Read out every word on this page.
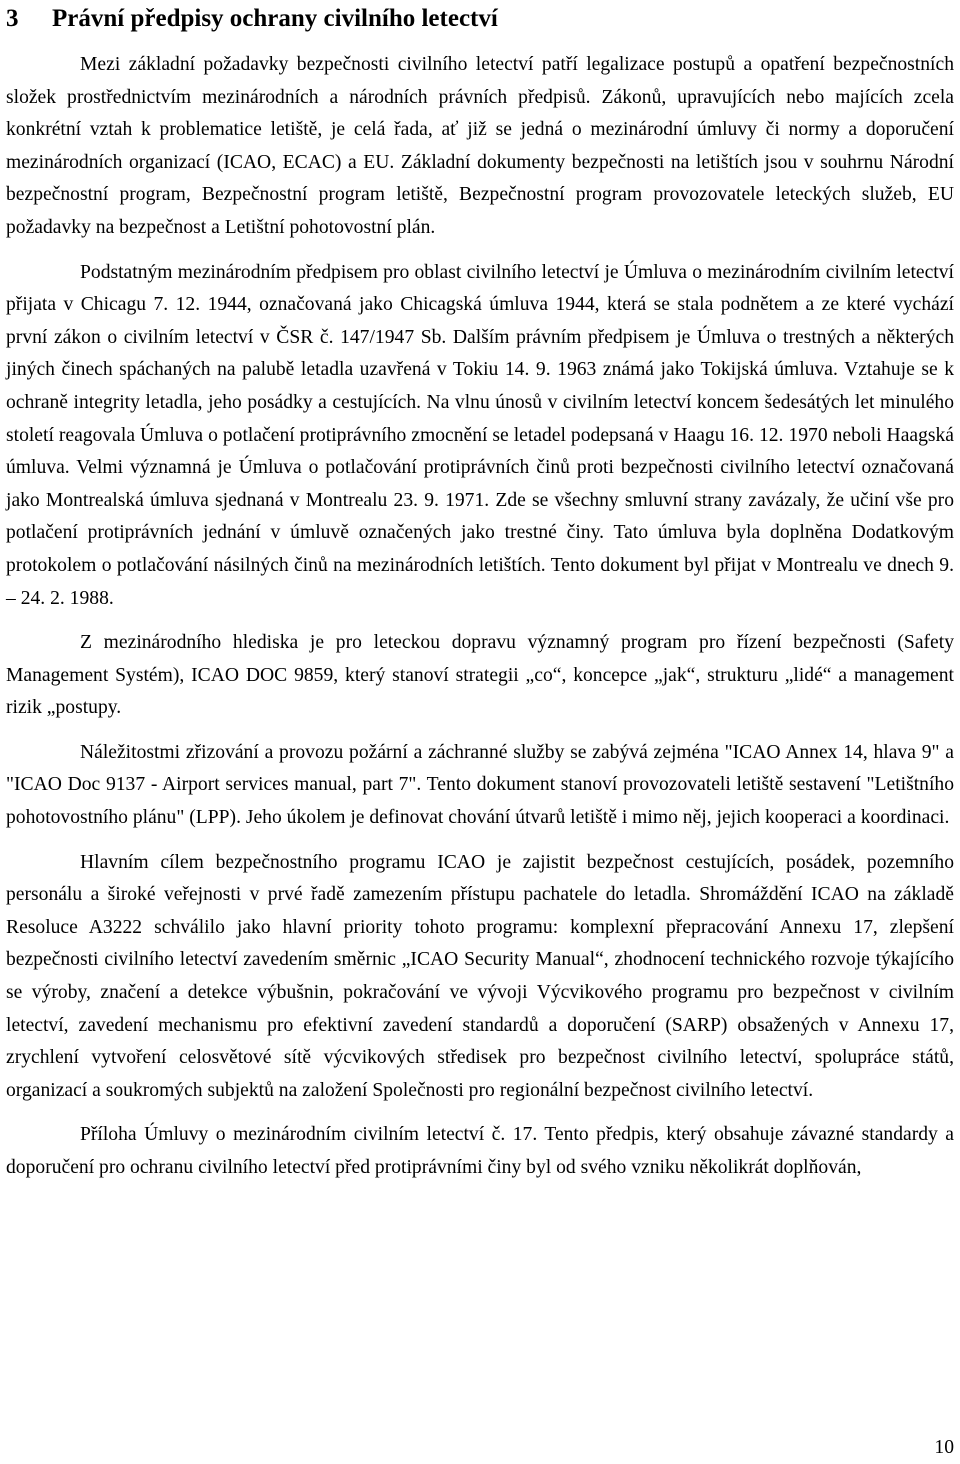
3 Právní předpisy ochrany civilního letectví

Mezi základní požadavky bezpečnosti civilního letectví patří legalizace postupů a opatření bezpečnostních složek prostřednictvím mezinárodních a národních právních předpisů. Zákonů, upravujících nebo majících zcela konkrétní vztah k problematice letiště, je celá řada, ať již se jedná o mezinárodní úmluvy či normy a doporučení mezinárodních organizací (ICAO, ECAC) a EU. Základní dokumenty bezpečnosti na letištích jsou v souhrnu Národní bezpečnostní program, Bezpečnostní program letiště, Bezpečnostní program provozovatele leteckých služeb, EU požadavky na bezpečnost a Letištní pohotovostní plán.

Podstatným mezinárodním předpisem pro oblast civilního letectví je Úmluva o mezinárodním civilním letectví přijata v Chicagu 7. 12. 1944, označovaná jako Chicagská úmluva 1944, která se stala podnětem a ze které vychází první zákon o civilním letectví v ČSR č. 147/1947 Sb. Dalším právním předpisem je Úmluva o trestných a některých jiných činech spáchaných na palubě letadla uzavřená v Tokiu 14. 9. 1963 známá jako Tokijská úmluva. Vztahuje se k ochraně integrity letadla, jeho posádky a cestujících. Na vlnu únosů v civilním letectví koncem šedesátých let minulého století reagovala Úmluva o potlačení protiprávního zmocnění se letadel podepsaná v Haagu 16. 12. 1970 neboli Haagská úmluva. Velmi významná je Úmluva o potlačování protiprávních činů proti bezpečnosti civilního letectví označovaná jako Montrealská úmluva sjednaná v Montrealu 23. 9. 1971. Zde se všechny smluvní strany zavázaly, že učiní vše pro potlačení protiprávních jednání v úmluvě označených jako trestné činy. Tato úmluva byla doplněna Dodatkovým protokolem o potlačování násilných činů na mezinárodních letištích. Tento dokument byl přijat v Montrealu ve dnech 9. – 24. 2. 1988.

Z mezinárodního hlediska je pro leteckou dopravu významný program pro řízení bezpečnosti (Safety Management Systém), ICAO DOC 9859, který stanoví strategii „co“, koncepce „jak“, strukturu „lidé“ a management rizik „postupy.

Náležitostmi zřizování a provozu požární a záchranné služby se zabývá zejména "ICAO Annex 14, hlava 9" a "ICAO Doc 9137 - Airport services manual, part 7". Tento dokument stanoví provozovateli letiště sestavení "Letištního pohotovostního plánu" (LPP). Jeho úkolem je definovat chování útvarů letiště i mimo něj, jejich kooperaci a koordinaci.

Hlavním cílem bezpečnostního programu ICAO je zajistit bezpečnost cestujících, posádek, pozemního personálu a široké veřejnosti v prvé řadě zamezením přístupu pachatele do letadla. Shromáždění ICAO na základě Resoluce A3222 schválilo jako hlavní priority tohoto programu: komplexní přepracování Annexu 17, zlepšení bezpečnosti civilního letectví zavedením směrnic „ICAO Security Manual“, zhodnocení technického rozvoje týkajícího se výroby, značení a detekce výbušnin, pokračování ve vývoji Výcvikového programu pro bezpečnost v civilním letectví, zavedení mechanismu pro efektivní zavedení standardů a doporučení (SARP) obsažených v Annexu 17, zrychlení vytvoření celosvětové sítě výcvikových středisek pro bezpečnost civilního letectví, spolupráce států, organizací a soukromých subjektů na založení Společnosti pro regionální bezpečnost civilního letectví.

Příloha Úmluvy o mezinárodním civilním letectví č. 17. Tento předpis, který obsahuje závazné standardy a doporučení pro ochranu civilního letectví před protiprávními činy byl od svého vzniku několikrát doplňován,

10
